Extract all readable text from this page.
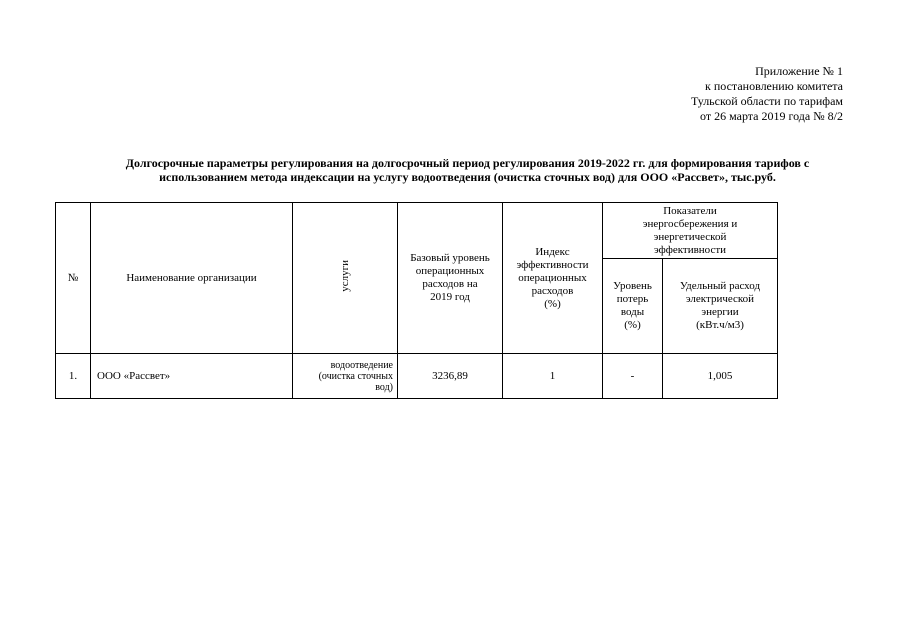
Приложение № 1
к постановлению комитета
Тульской области по тарифам
от 26 марта 2019 года № 8/2
Долгосрочные параметры регулирования на долгосрочный период регулирования 2019-2022 гг. для формирования тарифов с
использованием метода индексации на услугу водоотведения (очистка сточных вод) для ООО «Рассвет», тыс.руб.
№	Наименование организации	услуги	Базовый уровень
операционных
расходов на
2019 год	Индекс
эффективности
операционных
расходов
(%)	Показатели
энергосбережения и
энергетической
эффективности	

					Уровень
потерь
воды
(%)	Удельный расход
электрической
энергии
(кВт.ч/м3)

1.	ООО «Рассвет»	водоотведение
(очистка сточных
вод)	3236,89	1	-	1,005
